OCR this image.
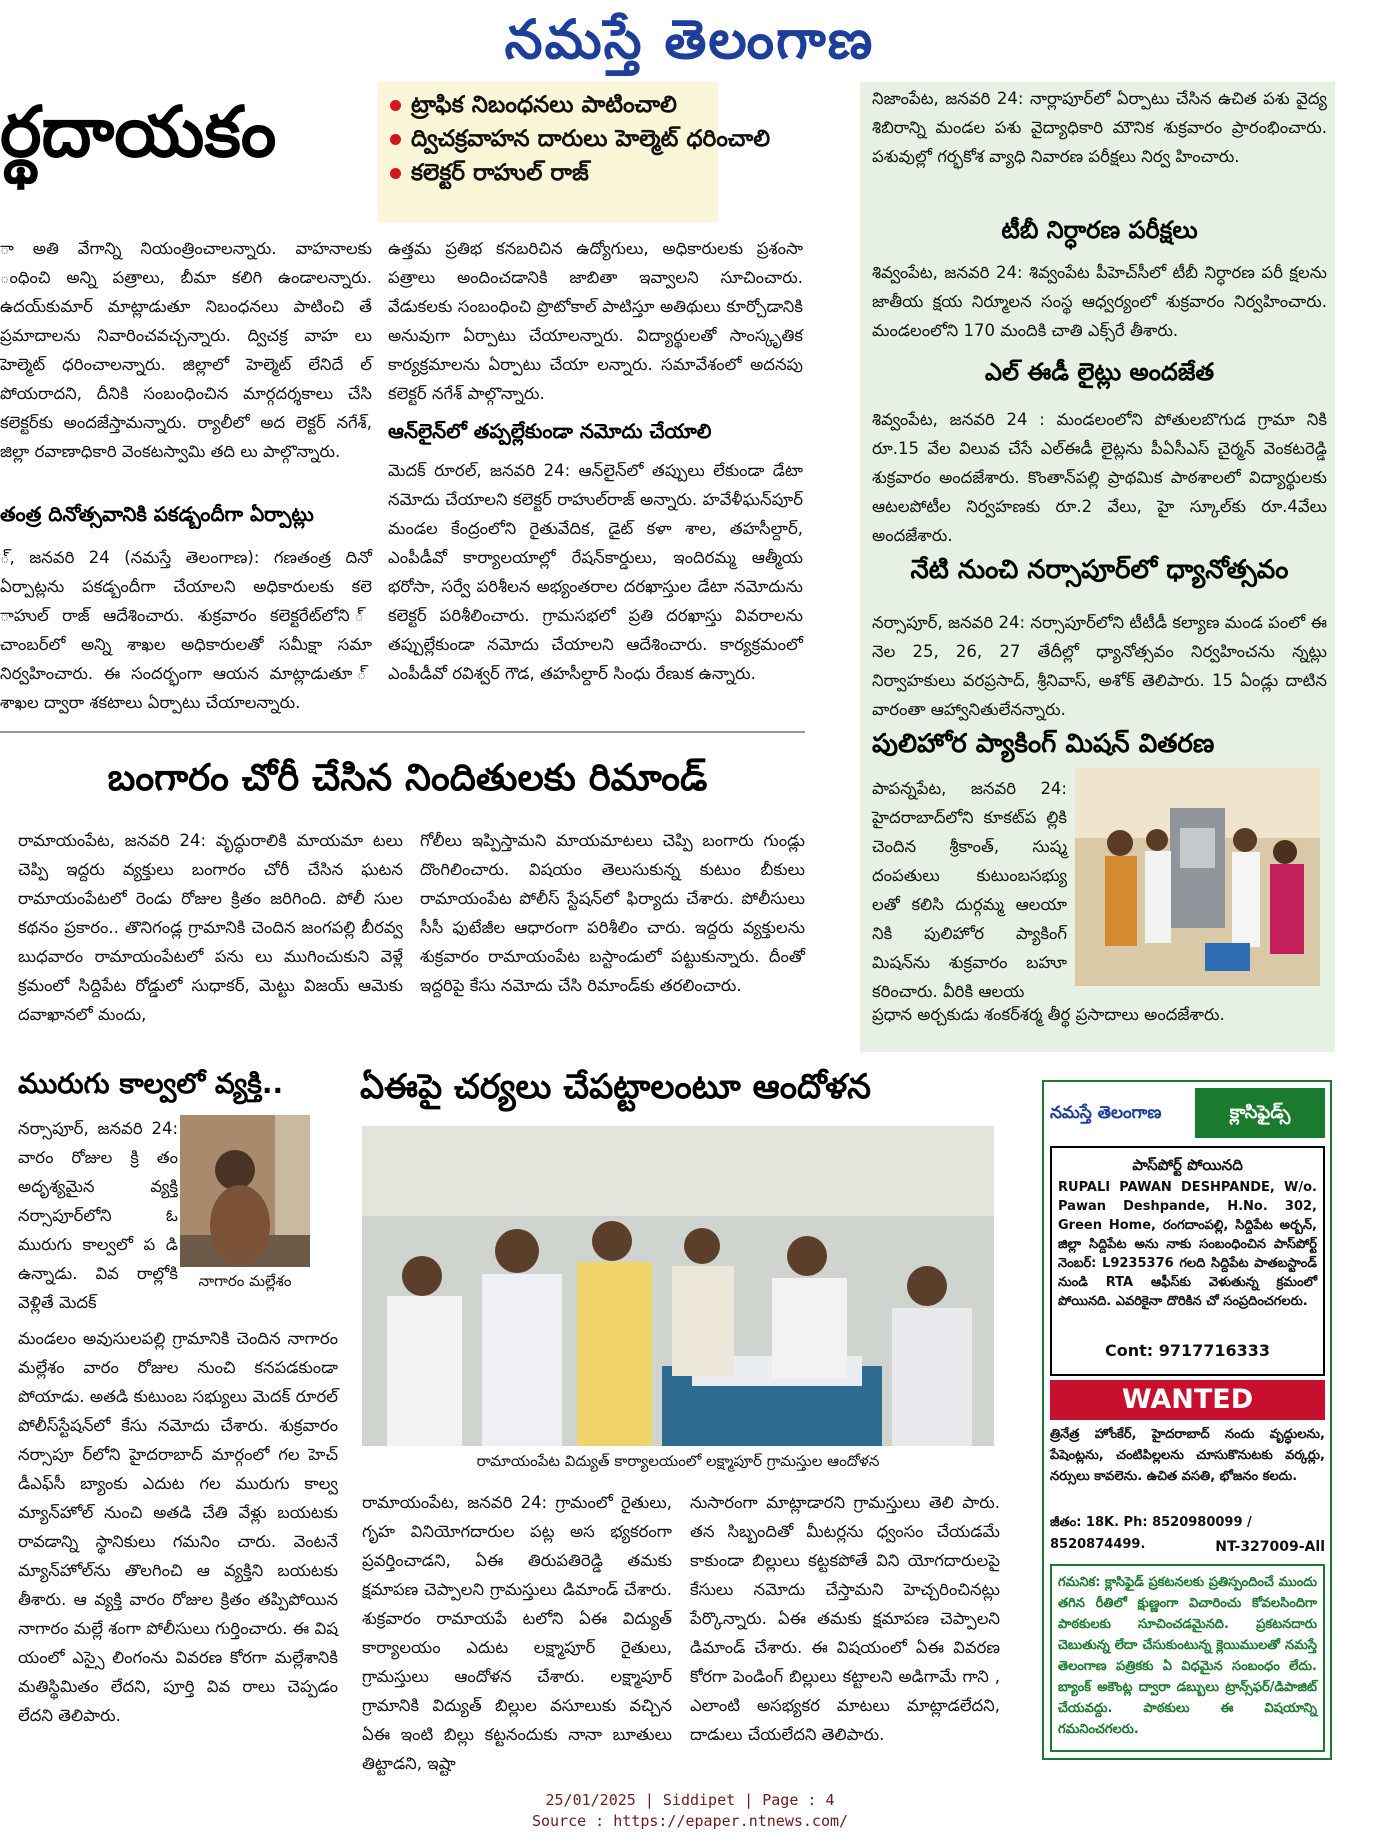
నమస్తే తెలంగాణ
ర్థదాయకం	ట్రాఫిక నిబంధనలు పాటించాలి
ద్విచక్రవాహన దారులు హెల్మెట్ ధరించాలి
కలెక్టర్ రాహుల్ రాజ్
ా అతి వేగాన్ని నియంత్రించాలన్నారు. వాహనాలకు ంధించి అన్ని పత్రాలు, బీమా కలిగి ఉండాలన్నారు. ఉదయ్‌కుమార్ మాట్లాడుతూ నిబంధనలు పాటించి తే ప్రమాదాలను నివారించవచ్చన్నారు. ద్విచక్ర వాహ లు హెల్మెట్ ధరించాలన్నారు. జిల్లాలో హెల్మెట్ లేనిదే ల్ పోయరాదని, దీనికి సంబంధించిన మార్గదర్శకాలు చేసి కలెక్టర్‌కు అందజేస్తామన్నారు. ర్యాలీలో అద లెక్టర్ నగేశ్, జిల్లా రవాణాధికారి వెంకటస్వామి తది లు పాల్గొన్నారు.
ఉత్తమ ప్రతిభ కనబరిచిన ఉద్యోగులు, అధికారులకు ప్రశంసా పత్రాలు అందించడానికి జాబితా ఇవ్వాలని సూచించారు. వేడుకలకు సంబంధించి ప్రొటోకాల్ పాటిస్తూ అతిథులు కూర్చోడానికి అనువుగా ఏర్పాటు చేయాలన్నారు. విద్యార్థులతో సాంస్కృతిక కార్యక్రమాలను ఏర్పాటు చేయా లన్నారు. సమావేశంలో అదనపు కలెక్టర్ నగేశ్ పాల్గొన్నారు.
తంత్ర దినోత్సవానికి పకడ్బందీగా ఏర్పాట్లు
్, జనవరి 24 (నమస్తే తెలంగాణ): గణతంత్ర దినో ఏర్పాట్లను పకడ్బందీగా చేయాలని అధికారులకు కలె ాహుల్ రాజ్ ఆదేశించారు. శుక్రవారం కలెక్టరేట్‌లోని ్ చాంబర్‌లో అన్ని శాఖల అధికారులతో సమీక్షా సమా నిర్వహించారు. ఈ సందర్భంగా ఆయన మాట్లాడుతూ ్ శాఖల ద్వారా శకటాలు ఏర్పాటు చేయాలన్నారు.
ఆన్‌లైన్‌లో తప్పల్లేకుండా నమోదు చేయాలి
మెదక్ రూరల్, జనవరి 24: ఆన్‌లైన్‌లో తప్పులు లేకుండా డేటా నమోదు చేయాలని కలెక్టర్ రాహుల్‌రాజ్ అన్నారు. హవేళీఘన్‌పూర్ మండల కేంద్రంలోని రైతువేదిక, డైట్ కళా శాల, తహసీల్దార్, ఎంపీడీవో కార్యాలయాల్లో రేషన్‌కార్డులు, ఇందిరమ్మ ఆత్మీయ భరోసా, సర్వే పరిశీలన అభ్యంతరాల దరఖాస్తుల డేటా నమోదును కలెక్టర్ పరిశీలించారు. గ్రామసభలో ప్రతి దరఖాస్తు వివరాలను తప్పుల్లేకుండా నమోదు చేయాలని ఆదేశించారు. కార్యక్రమంలో ఎంపీడీవో రవిశ్వర్ గౌడ, తహసీల్దార్ సింధు రేణుక ఉన్నారు.
బంగారం చోరీ చేసిన నిందితులకు రిమాండ్
రామాయంపేట, జనవరి 24: వృద్ధురాలికి మాయమా టలు చెప్పి ఇద్దరు వ్యక్తులు బంగారం చోరీ చేసిన ఘటన రామాయంపేటలో రెండు రోజుల క్రితం జరిగింది. పోలీ సుల కథనం ప్రకారం.. తొనిగండ్ల గ్రామానికి చెందిన జంగపల్లి బీరవ్వ బుధవారం రామాయంపేటలో పను లు ముగించుకుని వెళ్లే క్రమంలో సిద్దిపేట రోడ్డులో సుధాకర్, మెట్టు విజయ్ ఆమెకు దవాఖానలో మందు,
గోలీలు ఇప్పిస్తామని మాయమాటలు చెప్పి బంగారు గుండ్లు దొంగిలించారు. విషయం తెలుసుకున్న కుటుం బీకులు రామాయంపేట పోలీస్ స్టేషన్‌లో ఫిర్యాదు చేశారు. పోలీసులు సీసీ ఫుటేజీల ఆధారంగా పరిశీలిం చారు. ఇద్దరు వ్యక్తులను శుక్రవారం రామాయంపేట బస్టాండులో పట్టుకున్నారు. దీంతో ఇద్దరిపై కేసు నమోదు చేసి రిమాండ్‌కు తరలించారు.
నిజాంపేట, జనవరి 24: నార్లాపూర్‌లో ఏర్పాటు చేసిన ఉచిత పశు వైద్య శిబిరాన్ని మండల పశు వైద్యాధికారి మౌనిక శుక్రవారం ప్రారంభించారు. పశువుల్లో గర్భకోశ వ్యాధి నివారణ పరీక్షలు నిర్వ హించారు.
టీబీ నిర్ధారణ పరీక్షలు
శివ్వంపేట, జనవరి 24: శివ్వంపేట పీహెచ్‌సీలో టీబీ నిర్ధారణ పరీ క్షలను జాతీయ క్షయ నిర్మూలన సంస్థ ఆధ్వర్యంలో శుక్రవారం నిర్వహించారు. మండలంలోని 170 మందికి చాతి ఎక్స్‌రే తీశారు.
ఎల్ ఈడీ లైట్లు అందజేత
శివ్వంపేట, జనవరి 24 : మండలంలోని పోతులబొగుడ గ్రామా నికి రూ.15 వేల విలువ చేసే ఎల్‌ఈడీ లైట్లను పీఏసీఎస్ చైర్మన్ వెంకటరెడ్డి శుక్రవారం అందజేశారు. కొంతాన్‌పల్లి ప్రాథమిక పాఠశాలలో విద్యార్థులకు ఆటలపోటీల నిర్వహణకు రూ.2 వేలు, హై స్కూల్‌కు రూ.4వేలు అందజేశారు.
నేటి నుంచి నర్సాపూర్‌లో ధ్యానోత్సవం
నర్సాపూర్, జనవరి 24: నర్సాపూర్‌లోని టీటీడీ కల్యాణ మండ పంలో ఈ నెల 25, 26, 27 తేదీల్లో ధ్యానోత్సవం నిర్వహించను న్నట్లు నిర్వాహకులు వరప్రసాద్, శ్రీనివాస్, అశోక్ తెలిపారు. 15 ఏండ్లు దాటిన వారంతా ఆహ్వానితులేనన్నారు.
పులిహోర ప్యాకింగ్ మిషన్ వితరణ
పాపన్నపేట, జనవరి 24: హైదరాబాద్‌లోని కూకట్‌ప ల్లికి చెందిన శ్రీకాంత్, సుష్మ దంపతులు కుటుంబసభ్యు లతో కలిసి దుర్గమ్మ ఆలయా నికి పులిహోర ప్యాకింగ్ మిషన్‌ను శుక్రవారం బహూ కరించారు. వీరికి ఆలయ
ప్రధాన అర్చకుడు శంకర్‌శర్మ తీర్థ ప్రసాదాలు అందజేశారు.
మురుగు కాల్వలో వ్యక్తి..
నర్సాపూర్, జనవరి 24: వారం రోజుల క్రి తం అదృశ్యమైన వ్యక్తి నర్సాపూర్‌లోని ఓ మురుగు కాల్వలో ప డి ఉన్నాడు. వివ రాల్లోకి వెళ్లితే మెదక్
నాగారం మల్లేశం
మండలం అవుసులపల్లి గ్రామానికి చెందిన నాగారం మల్లేశం వారం రోజుల నుంచి కనపడకుండా పోయాడు. అతడి కుటుంబ సభ్యులు మెదక్ రూరల్ పోలీస్‌స్టేషన్‌లో కేసు నమోదు చేశారు. శుక్రవారం నర్సాపూ ర్‌లోని హైదరాబాద్ మార్గంలో గల హెచ్ డీఎఫ్‌సీ బ్యాంకు ఎదుట గల మురుగు కాల్వ మ్యాన్‌హోల్ నుంచి అతడి చేతి వేళ్లు బయటకు రావడాన్ని స్థానికులు గమనిం చారు. వెంటనే మ్యాన్‌హోల్‌ను తొలగించి ఆ వ్యక్తిని బయటకు తీశారు. ఆ వ్యక్తి వారం రోజుల క్రితం తప్పిపోయిన నాగారం మల్లే శంగా పోలీసులు గుర్తించారు. ఈ విష యంలో ఎస్సై లింగంను వివరణ కోరగా మల్లేశానికి మతిస్థిమితం లేదని, పూర్తి వివ రాలు చెప్పడం లేదని తెలిపారు.
ఏఈపై చర్యలు చేపట్టాలంటూ ఆందోళన
రామాయంపేట విద్యుత్ కార్యాలయంలో లక్ష్మాపూర్ గ్రామస్తుల ఆందోళన
రామాయంపేట, జనవరి 24: గ్రామంలో రైతులు, గృహ వినియోగదారుల పట్ల అస భ్యకరంగా ప్రవర్తించాడని, ఏఈ తిరుపతిరెడ్డి తమకు క్షమాపణ చెప్పాలని గ్రామస్తులు డిమాండ్ చేశారు. శుక్రవారం రామాయపే టలోని ఏఈ విద్యుత్ కార్యాలయం ఎదుట లక్ష్మాపూర్ రైతులు, గ్రామస్తులు ఆందోళన చేశారు. లక్ష్మాపూర్ గ్రామానికి విద్యుత్ బిల్లుల వసూలుకు వచ్చిన ఏఈ ఇంటి బిల్లు కట్టనందుకు నానా బూతులు తిట్టాడని, ఇష్టా
నుసారంగా మాట్లాడారని గ్రామస్తులు తెలి పారు. తన సిబ్బందితో మీటర్లను ధ్వంసం చేయడమే కాకుండా బిల్లులు కట్టకపోతే విని యోగదారులపై కేసులు నమోదు చేస్తామని హెచ్చరించినట్లు పేర్కొన్నారు. ఏఈ తమకు క్షమాపణ చెప్పాలని డిమాండ్ చేశారు. ఈ విషయంలో ఏఈ వివరణ కోరగా పెండింగ్ బిల్లులు కట్టాలని అడిగామే గాని , ఎలాంటి అసభ్యకర మాటలు మాట్లాడలేదని, దాడులు చేయలేదని తెలిపారు.
నమస్తే తెలంగాణ	క్లాసిఫైడ్స్
పాస్‌పోర్ట్ పోయినది
RUPALI PAWAN DESHPANDE, W/o. Pawan Deshpande, H.No. 302, Green Home, రంగదాంపల్లి, సిద్దిపేట అర్బన్, జిల్లా సిద్దిపేట అను నాకు సంబంధించిన పాస్‌పోర్ట్ నెంబర్: L9235376 గలది సిద్దిపేట పాతబస్టాండ్ నుండి RTA ఆఫీస్‌కు వెళుతున్న క్రమంలో పోయినది. ఎవరికైనా దొరికిన చో సంప్రదించగలరు.
Cont: 9717716333
WANTED
త్రినేత్ర హోంకేర్, హైదరాబాద్ నందు వృద్ధులను, పేషెంట్లను, చంటిపిల్లలను చూసుకొనుటకు వర్కర్లు, నర్సులు కావలెను. ఉచిత వసతి, భోజనం కలదు.
జీతం: 18K. Ph: 8520980099 / 8520874499.	NT-327009-All
గమనిక: క్లాసిఫైడ్ ప్రకటనలకు ప్రతిస్పందించే ముందు తగిన రీతిలో క్షుణ్ణంగా విచారించు కోవలసిందిగా పాఠకులకు సూచించడమైనది. ప్రకటనదారు చెబుతున్న లేదా చేసుకుంటున్న క్లెయిములతో నమస్తే తెలంగాణ పత్రికకు ఏ విధమైన సంబంధం లేదు. బ్యాంక్ అకౌంట్ల ద్వారా డబ్బులు ట్రాన్స్‌ఫర్/డిపాజిట్ చేయవద్దు. పాఠకులు ఈ విషయాన్ని గమనించగలరు.
25/01/2025 | Siddipet | Page : 4
Source : https://epaper.ntnews.com/
